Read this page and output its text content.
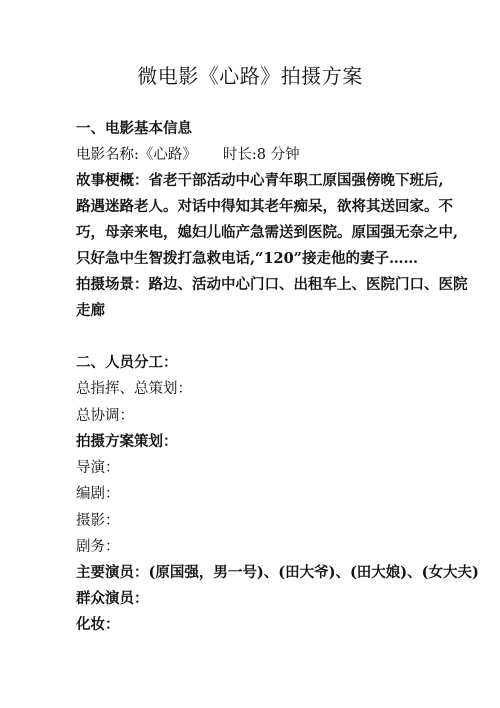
微电影《心路》拍摄方案
一、电影基本信息
电影名称:《心路》 时长:8 分钟
故事梗概：省老干部活动中心青年职工原国强傍晚下班后,
路遇迷路老人。对话中得知其老年痴呆，欲将其送回家。不
巧，母亲来电，媳妇儿临产急需送到医院。原国强无奈之中,
只好急中生智拨打急救电话,“120”接走他的妻子……
拍摄场景：路边、活动中心门口、出租车上、医院门口、医院
走廊
二、人员分工：
总指挥、总策划：
总协调：
拍摄方案策划：
导演：
编剧：
摄影：
剧务：
主要演员：(原国强，男一号)、(田大爷)、(田大娘)、(女大夫)
群众演员：
化妆：
